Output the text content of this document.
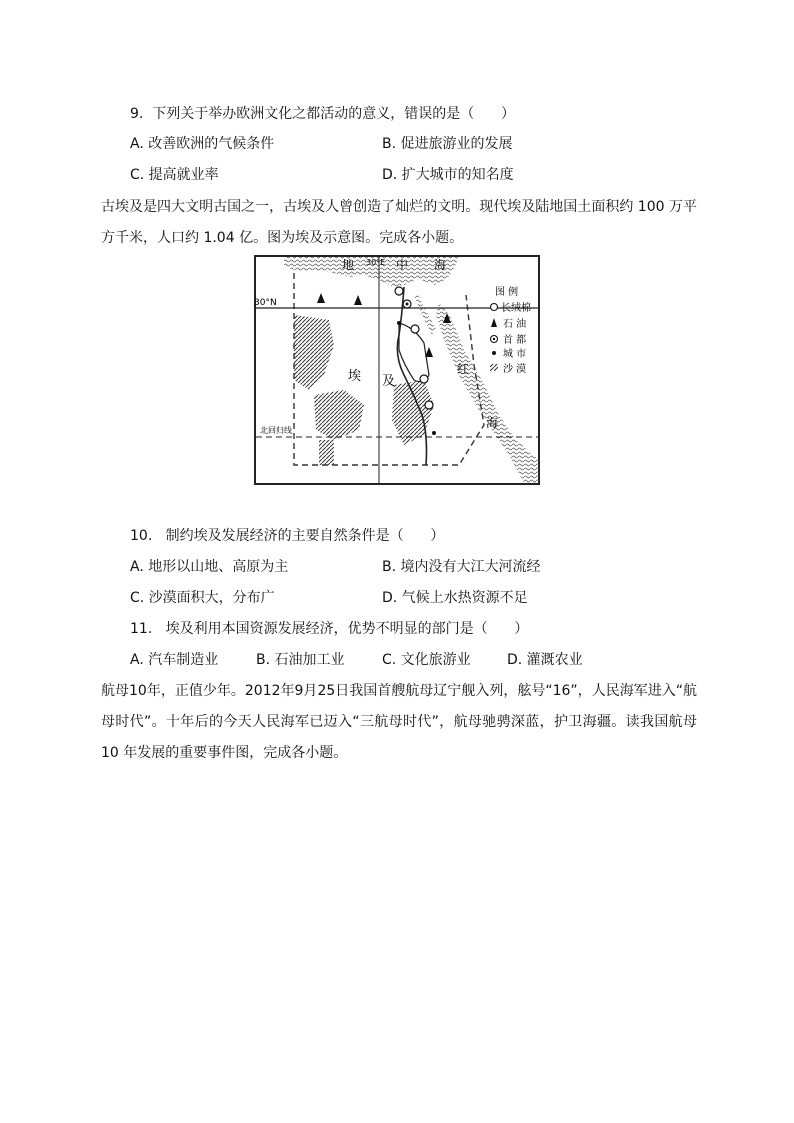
9.  下列关于举办欧洲文化之都活动的意义，错误的是（      ）
A. 改善欧洲的气候条件	B. 促进旅游业的发展
C. 提高就业率	D. 扩大城市的知名度
古埃及是四大文明古国之一，古埃及人曾创造了灿烂的文明。现代埃及陆地国土面积约 100 万平方千米，人口约 1.04 亿。图为埃及示意图。完成各小题。
地	中 海
30°E
30°N
埃 及
红
海
北回归线
图 例
长绒棉
石 油
首 都
城 市
沙 漠
10.   制约埃及发展经济的主要自然条件是（      ）
A. 地形以山地、高原为主	B. 境内没有大江大河流经
C. 沙漠面积大，分布广	D. 气候上水热资源不足
11.   埃及利用本国资源发展经济，优势不明显的部门是（      ）
A. 汽车制造业	B. 石油加工业	C. 文化旅游业	D. 灌溉农业
航母10年，正值少年。2012年9月25日我国首艘航母辽宁舰入列，舷号“16”，人民海军进入“航母时代”。十年后的今天人民海军已迈入“三航母时代”，航母驰骋深蓝，护卫海疆。读我国航母 10 年发展的重要事件图，完成各小题。
